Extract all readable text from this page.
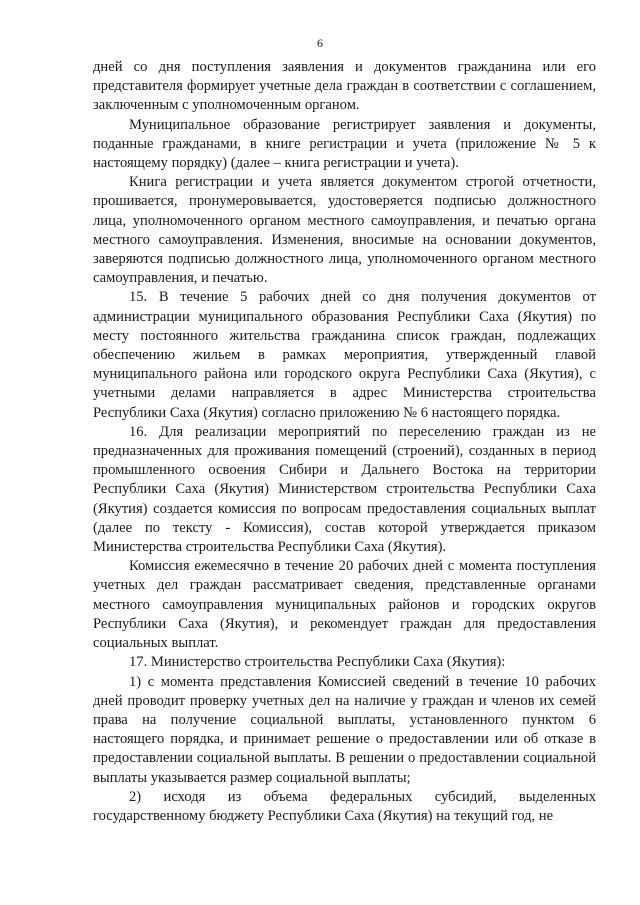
6

дней со дня поступления заявления и документов гражданина или его представителя формирует учетные дела граждан в соответствии с соглашением, заключенным с уполномоченным органом.

Муниципальное образование регистрирует заявления и документы, поданные гражданами, в книге регистрации и учета (приложение № 5 к настоящему порядку) (далее – книга регистрации и учета).

Книга регистрации и учета является документом строгой отчетности, прошивается, пронумеровывается, удостоверяется подписью должностного лица, уполномоченного органом местного самоуправления, и печатью органа местного самоуправления. Изменения, вносимые на основании документов, заверяются подписью должностного лица, уполномоченного органом местного самоуправления, и печатью.

15. В течение 5 рабочих дней со дня получения документов от администрации муниципального образования Республики Саха (Якутия) по месту постоянного жительства гражданина список граждан, подлежащих обеспечению жильем в рамках мероприятия, утвержденный главой муниципального района или городского округа Республики Саха (Якутия), с учетными делами направляется в адрес Министерства строительства Республики Саха (Якутия) согласно приложению № 6 настоящего порядка.

16. Для реализации мероприятий по переселению граждан из не предназначенных для проживания помещений (строений), созданных в период промышленного освоения Сибири и Дальнего Востока на территории Республики Саха (Якутия) Министерством строительства Республики Саха (Якутия) создается комиссия по вопросам предоставления социальных выплат (далее по тексту - Комиссия), состав которой утверждается приказом Министерства строительства Республики Саха (Якутия).

Комиссия ежемесячно в течение 20 рабочих дней с момента поступления учетных дел граждан рассматривает сведения, представленные органами местного самоуправления муниципальных районов и городских округов Республики Саха (Якутия), и рекомендует граждан для предоставления социальных выплат.

17. Министерство строительства Республики Саха (Якутия):

1) с момента представления Комиссией сведений в течение 10 рабочих дней проводит проверку учетных дел на наличие у граждан и членов их семей права на получение социальной выплаты, установленного пунктом 6 настоящего порядка, и принимает решение о предоставлении или об отказе в предоставлении социальной выплаты. В решении о предоставлении социальной выплаты указывается размер социальной выплаты;

2) исходя из объема федеральных субсидий, выделенных государственному бюджету Республики Саха (Якутия) на текущий год, не
